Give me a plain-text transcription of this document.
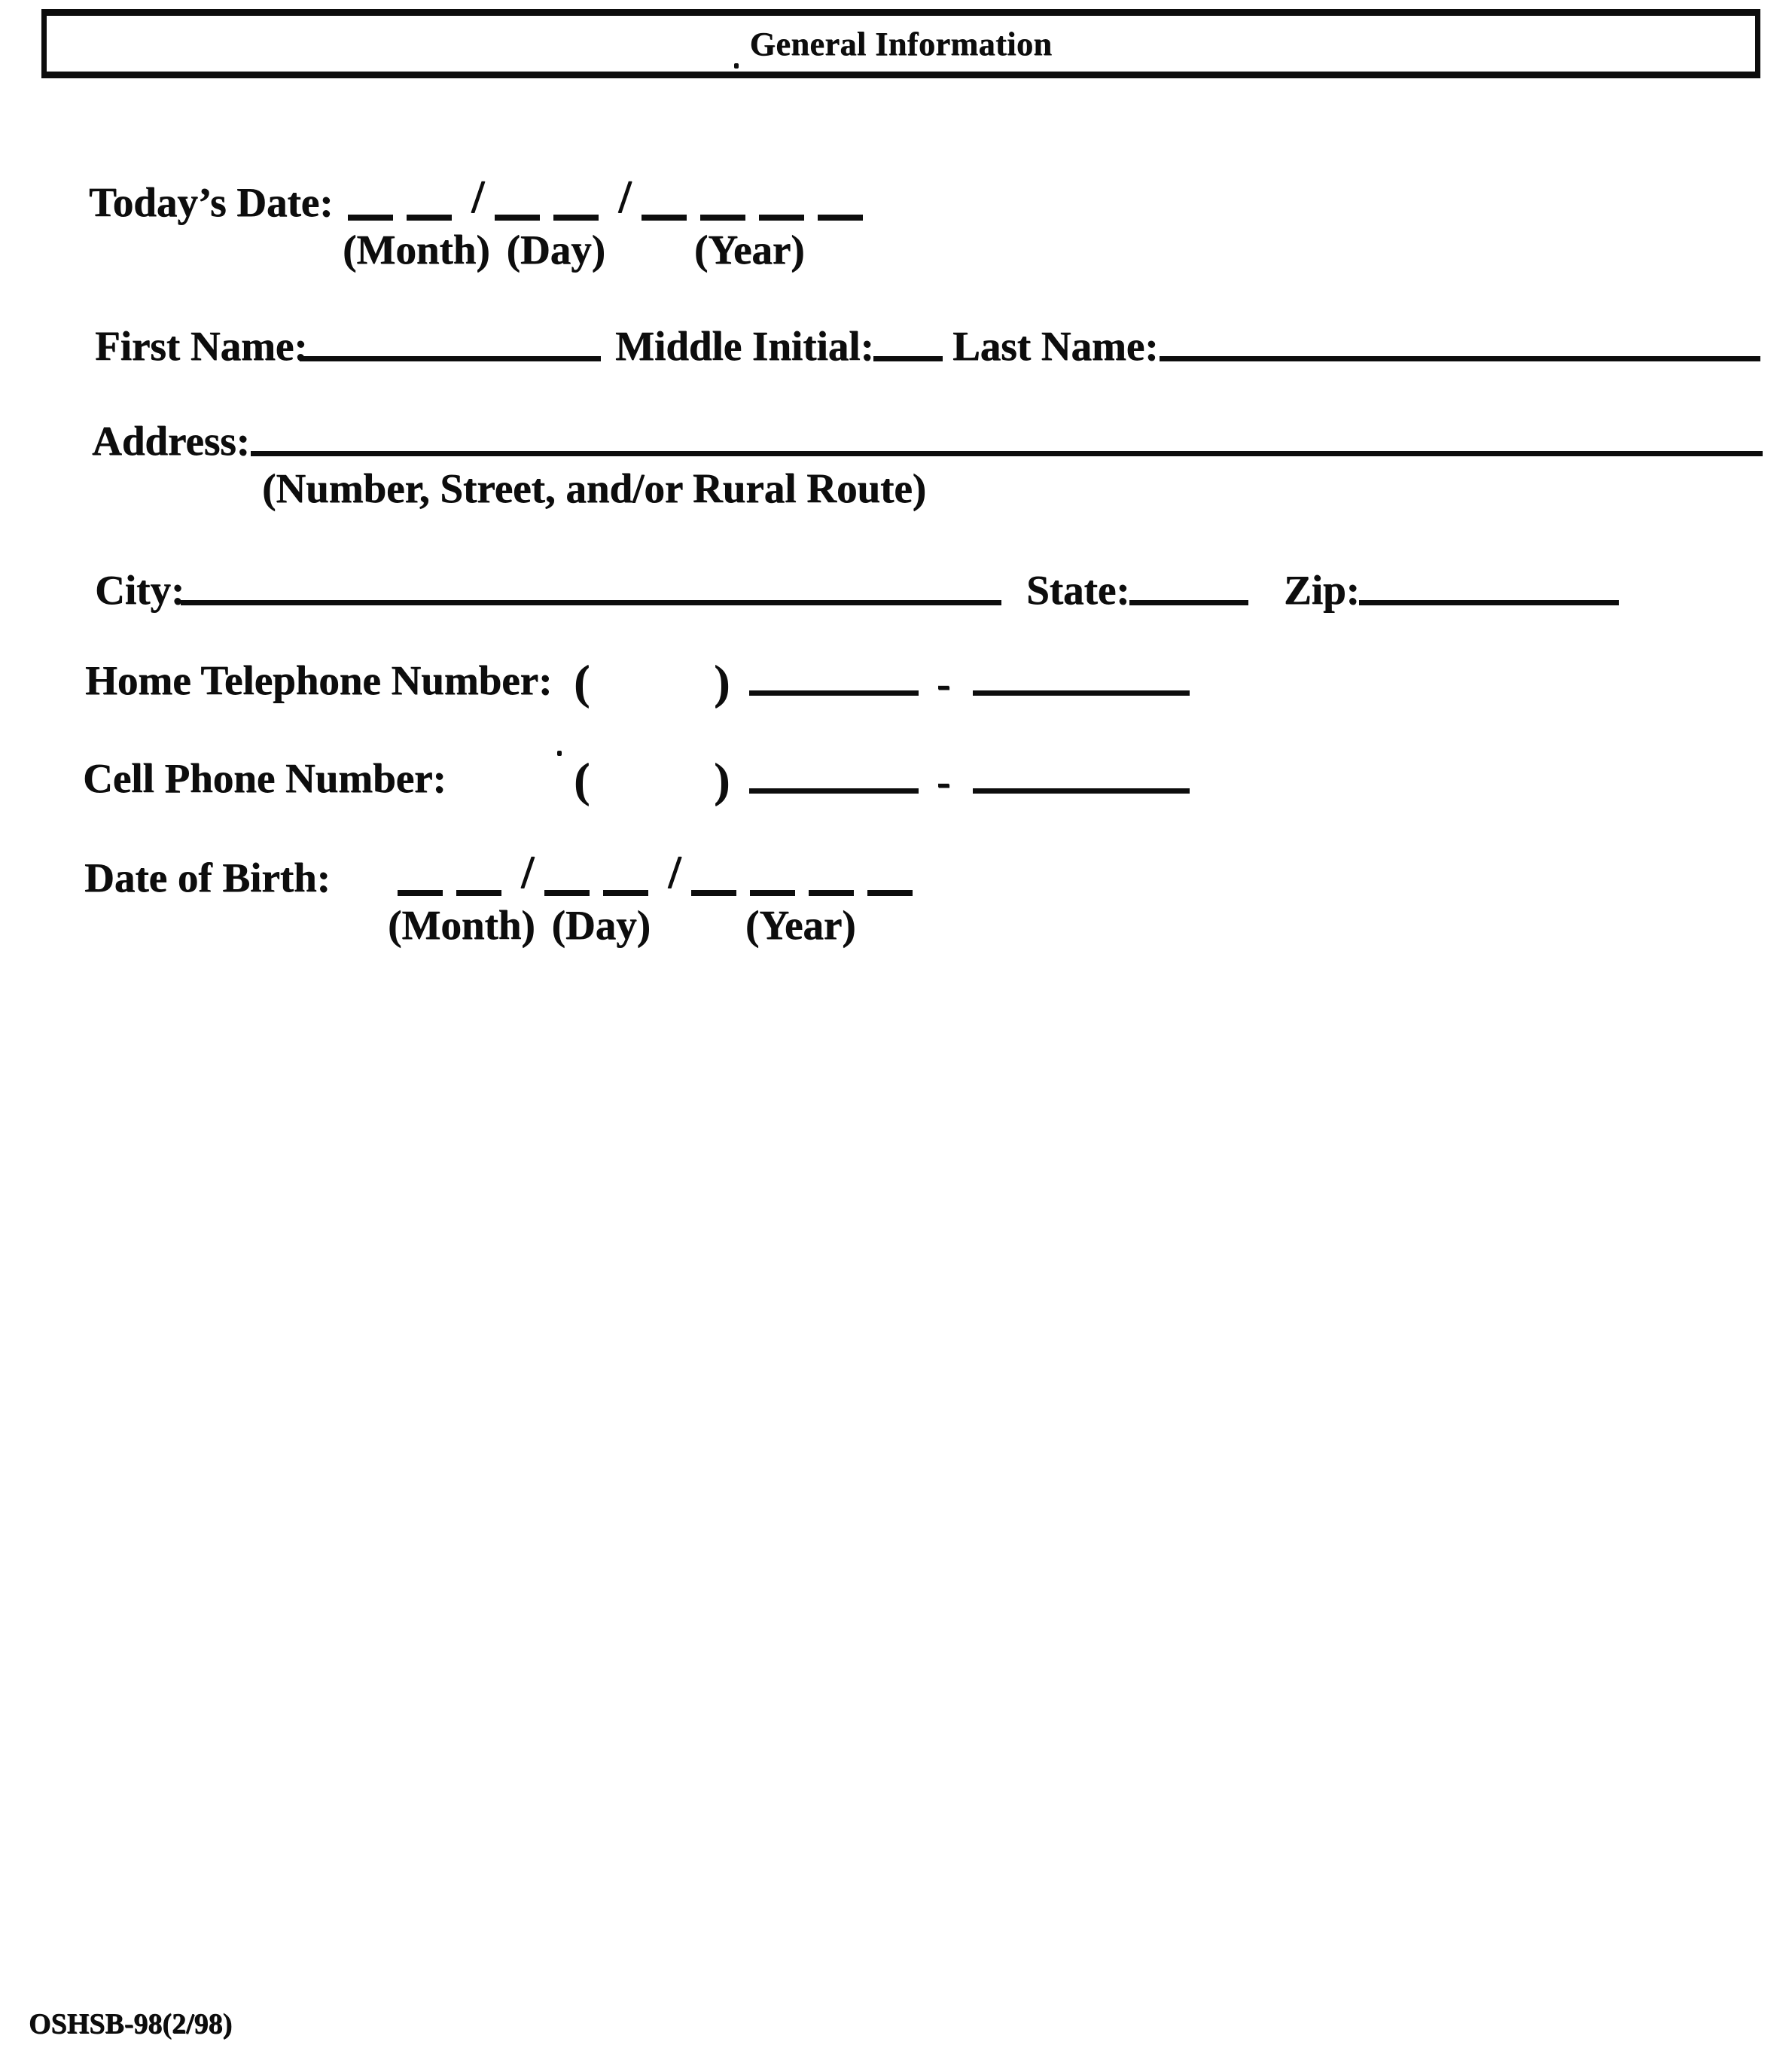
General Information
Today’s Date:	/	/
(Month) (Day) (Year)
First Name:	Middle Initial: Last Name:
Address:
(Number, Street, and/or Rural Route)
City:	State:	Zip:
Home Telephone Number: (	)	-
Cell Phone Number:	(	)	-
Date of Birth:	/	/
(Month) (Day) (Year)
OSHSB-98(2/98)
